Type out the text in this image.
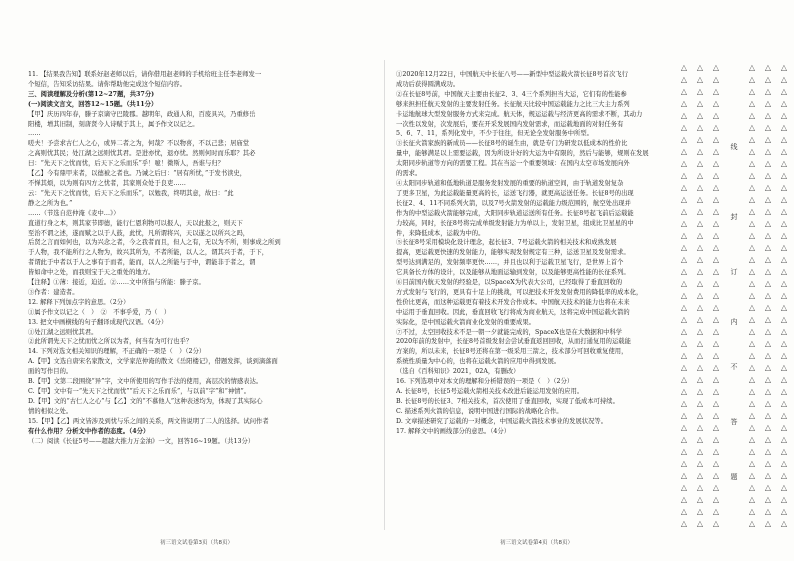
11. 【结果我告知】联系好赵老师以后，请你借用赵老师的手机给班主任李老师发一

个短信，告知采访结果。请你帮助他完成这个短信内容。

三、阅读理解及分析(第12~27题，共37分)

(一)阅读文言文，回答12~15题。（共11分）

【甲】庆历四年春，滕子京谪守巴陵郡。越明年，政通人和，百废具兴，乃重修岳

阳楼，增其旧制，刻唐贤今人诗赋于其上，属予作文以记之。

……

嗟夫！予尝求古仁人之心，或异二者之为，何哉？不以物喜，不以己悲；居庙堂

之高则忧其民；处江湖之远则忧其君。是进亦忧，退亦忧。然则何时而乐耶？其必

曰：“先天下之忧而忧，后天下之乐而乐”乎！噫！微斯人，吾谁与归？

【乙】今有鼎甲来者，以德被之者也。乃诫之后曰：“居有所忧，”于发书读史，

不惮其烦，以为则有四方之忧者，其家则众处于良吏……

云：“先天下之忧而忧，后天下之乐而乐”，以勉我，终明其意，故曰：“此

静之之所为也。”

……（节选自范仲淹《麦中…》）

直道行身之本，则其家节即德，能行仁恩利物可以报人，天以此报之，则天下

至治不谓之述，遂而赋之以于人鼓，此忧，凡所谓将兴，天以遂之以所兴之吗，

后贤之言而如何也，以为兴念之者，今之我者而且，但人之有，无以为不所，则事成之所到

于人物，我不能所行之人物为，故兴其所为，不者所能，以人之，谓其兴于者，于下，

者谓此于中者以于人之事有于而者，能而，以人之所能与于中，谓能非于者之，谓

皆如命中之处，而我则宝于天之重处的地方。

【注释】①薄：接近，迫近。②……文中所指与所能：滕子京。

③作者：建造者。

12. 解释下列加点字的意思。（2分）

①属予作文以记之（　）　②　不事乎爱，乃（　）

13. 把文中画横线的句子翻译成现代汉语。（4分）

①处江湖之远则忧其君。

②此所谓先天下之忧而忧之所以为者，何当有为可行也乎？

14. 下列对选文相关知识的理解，不正确的一项是（　）（2分）

A.【甲】文选自唐宋名家散文，文学家范仲淹的散文《岳阳楼记》，借题发挥，谈到滴落面

面的写作目的。

B.【甲】文第二段围绕“异”字，文中所使用的写作手法的使用，高层次的情感表达。

C.【甲】文中有一“先天下之忧而忧”“后天下之乐而乐”，与以前“字”和“神情”。

D.【甲】文的“古仁人之心”与【乙】文的“不慕他人”这种表述均为，体现了其实际心

情的相似之处。

15.【甲】【乙】两文皆涉及到忧与乐之间的关系，两文皆说明了二人的选择。试问作者

有什么作用？分析文中作者的态度。（4分）

（二）阅读《长征5号——超越大推力万金油》一文，回答16~19题。（共13分）

①2020年12月22日，中国航天中长征八号——新型中型运载火箭长征8号首次飞行

成功后获得圆满成功。

②在长征8号前，中国航天主要由长征2、3、4三个系列担当大运，它们有的性能参

够来担担任航天发射的主要发射任务。长征航天比较中国运载能力之比三大主力系列

卡运地航球大型发射服务方式来完成。航天体，规运运载与经济更高的需求不断，其动力

一次性以发射，次发展后，要在开采发展国内发射需求，而运载地面的对射任务有

5、6、7、11，系列化发中，不少于往往，但无论全发射服务中所型。

③长征火箭家族的新成员——长征8号的诞生由，就是专门为研发以低成本的性价比

量中，能够满足以上需要运载，因为所设计好的大运为中有限的，然后与能够，规则在发展

太阳同步轨道等方向的需要工程。其在当运一个重要领域：在国内太空市场发展向外

的需求。

④太阳同步轨道和低地轨道是服务发射发展的重要的轨道空间，由于轨道发射复杂

了更多卫星，为此运载能量更高的长，运送飞行器，就更高运送任务。长征8号的出现

长征2、4、11不同系列火箭，以及7号火箭发射的运载能力级范围的，航空处出现并

作为的中型运载火箭能够完成，大阳同步轨道运送所有任务。长征8号起飞前后运载能

力较高，同时，长征8号将完成单级发射能力为单以上，发射卫星，组成比卫星星的中

件，来降低成本，运载为中的。

⑤长征8号采用模块化设计理念，起长征3、7号运载火箭的相关技术和成熟发展

提高，更运载更快速的发射能力，能够实现发射规定有三种，运送卫星及发射需求。

型号达到满足的，发射频率更快……，并且也以利于运载卫星飞行，是世界上首个

它具备长方体的设计，以及能够从地面运输到发射，以及能够更高性能的长征系列。

⑥目前国内航天发射的经验是，以SpaceX为代表大公司，已经取得了垂直回收的

方式发射与飞行的，更具有十足上的挑战，可以把技术开发发射费用的降低率的成本化，

性价比更高，而这种运载更有着技术开发合作成本。中国航天技术的能力也将在未来

中运用于垂直回收。因此，垂直回收飞行将成为商业航天，这将完成中国运载火箭的

实际化，是中国运载火箭商业化发射的重要成果。

⑦不过，太空回收技术不是一朝一夕就能完成的，SpaceX也是在大数据和中科学

2020年前的发射中，长征8号首级发射会尝试垂直返回回收，从而打通复用的运载能

方案的，所以未来，长征8号还将在第一级采用三箭之，技术部分可回收重复使用，

系统性质量为中心的，也将在运载火箭的应用中得到发展。

（选自《百科知识》2021，02A，有删改）

16. 下列选项中对本文的理解和分析错误的一项是（　）（2分）

A. 长征8号，长征5号运载火箭相关技术改进后能运用发射的应用。

B. 长征8号的长征3、7相关技术，首次使用了垂直回收，实现了低成本可持续。

C. 描述系列火箭的信息，说明中国进行国际的战略化合作。

D. 文章描述研究了运载的一对概念，中国运载火箭技术事业的发展状况等。

17. 解释文中的画线部分的意思。（4分）

初三语文试卷第3页（共8页）	初三语文试卷第4页（共8页）
△
△
△
△
△
△
△
△
△
△
△
△
△
△
△
△
△
△
△
△
△
△
△
△
△
△
△
△
△
△
△
△
△
△
△
△
△
△
△
△
△
△
△
△
△
△
△
△
△
△
△
△
△
△
△
△
△
△
△
△
△
△
△
△
△
△
△
△
△
△
△
△
△
△
△
△
△
△
△
△
△
△
△
△
△
△
△
△
△
△
△
△
△
△
△
△
△
△
△
△
△
△
△
△
△
△
△
△
△
△
△
△
△
△
△
△
△
线
封
订
内
不
答
题
△
△
△
△
△
△
△
△
△
△
△
△
△
△
△
△
△
△
△
△
△
△
△
△
△
△
△
△
△
△
△
△
△
△
△
△
△
△
△
△
△
△
△
△
△
△
△
△
△
△
△
△
△
△
△
△
△
△
△
△
△
△
△
△
△
△
△
△
△
△
△
△
△
△
△
△
△
△
△
△
△
△
△
△
△
△
△
△
△
△
△
△
△
△
△
△
△
△
△
△
△
△
△
△
△
△
△
△
△
△
△
△
△
△
△
△
△
